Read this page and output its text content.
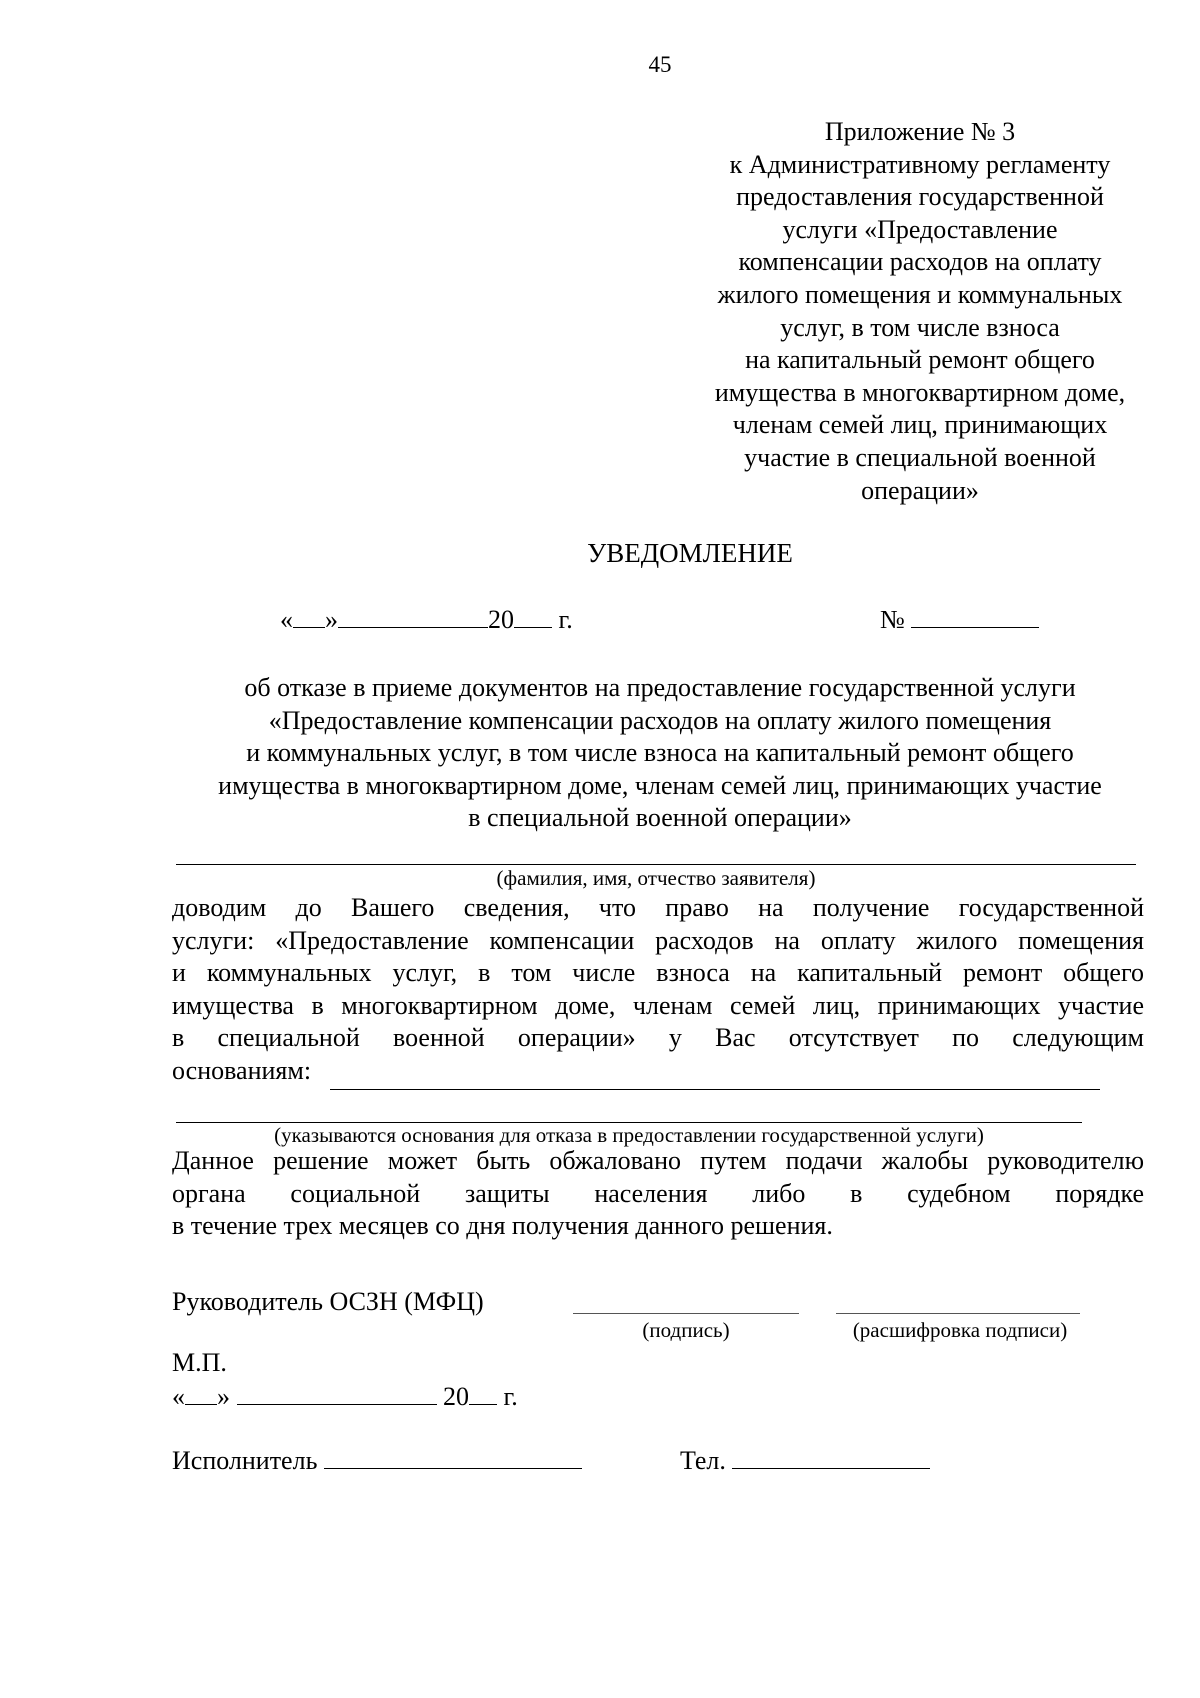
45
Приложение № 3
к Административному регламенту
предоставления государственной
услуги «Предоставление
компенсации расходов на оплату
жилого помещения и коммунальных
услуг, в том числе взноса
на капитальный ремонт общего
имущества в многоквартирном доме,
членам семей лиц, принимающих
участие в специальной военной
операции»
УВЕДОМЛЕНИЕ
« »	20 г.	№
об отказе в приеме документов на предоставление государственной услуги
«Предоставление компенсации расходов на оплату жилого помещения
и коммунальных услуг, в том числе взноса на капитальный ремонт общего
имущества в многоквартирном доме, членам семей лиц, принимающих участие
в специальной военной операции»
(фамилия, имя, отчество заявителя)
доводим до Вашего сведения, что право на получение государственной
услуги: «Предоставление компенсации расходов на оплату жилого помещения
и коммунальных услуг, в том числе взноса на капитальный ремонт общего
имущества в многоквартирном доме, членам семей лиц, принимающих участие
в специальной военной операции» у Вас отсутствует по следующим
основаниям:
(указываются основания для отказа в предоставлении государственной услуги)
Данное решение может быть обжаловано путем подачи жалобы руководителю
органа социальной защиты населения либо в судебном порядке
в течение трех месяцев со дня получения данного решения.
Руководитель ОСЗН (МФЦ)
(подпись)	(расшифровка подписи)
М.П.
« »	20 г.
Исполнитель	Тел.
